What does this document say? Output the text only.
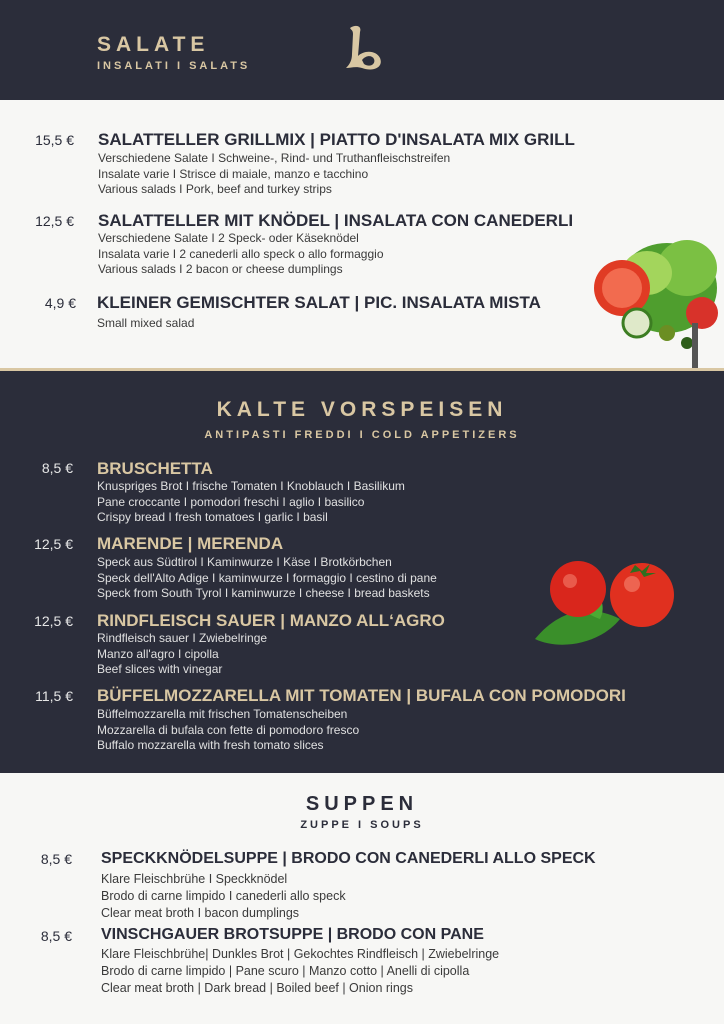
SALATE
INSALATI I SALATS
15,5 € SALATTELLER GRILLMIX | PIATTO D'INSALATA MIX GRILL
Verschiedene Salate I Schweine-, Rind- und Truthanfleischstreifen
Insalate varie I Strisce di maiale, manzo e tacchino
Various salads I Pork, beef and turkey strips
12,5 € SALATTELLER MIT KNÖDEL | INSALATA CON CANEDERLI
Verschiedene Salate I 2 Speck- oder Käseknödel
Insalata varie I 2 canederli allo speck o allo formaggio
Various salads I 2 bacon or cheese dumplings
4,9 € KLEINER GEMISCHTER SALAT | PIC. INSALATA MISTA
Small mixed salad
KALTE VORSPEISEN
ANTIPASTI FREDDI I COLD APPETIZERS
8,5 € BRUSCHETTA
Knuspriges Brot I frische Tomaten I Knoblauch I Basilikum
Pane croccante I pomodori freschi I aglio I basilico
Crispy bread I fresh tomatoes I garlic I basil
12,5 € MARENDE | MERENDA
Speck aus Südtirol I Kaminwurze I Käse I Brotkörbchen
Speck dell'Alto Adige I kaminwurze I formaggio I cestino di pane
Speck from South Tyrol I kaminwurze I cheese I bread baskets
12,5 € RINDFLEISCH SAUER | MANZO ALL‘AGRO
Rindfleisch sauer I Zwiebelringe
Manzo all'agro I cipolla
Beef slices with vinegar
11,5 € BÜFFELMOZZARELLA MIT TOMATEN | BUFALA CON POMODORI
Büffelmozzarella mit frischen Tomatenscheiben
Mozzarella di bufala con fette di pomodoro fresco
Buffalo mozzarella with fresh tomato slices
SUPPEN
ZUPPE I SOUPS
8,5 € SPECKKNÖDELSUPPE | BRODO CON CANEDERLI ALLO SPECK
Klare Fleischbrühe I Speckknödel
Brodo di carne limpido I canederli allo speck
Clear meat broth I bacon dumplings
8,5 € VINSCHGAUER BROTSUPPE | BRODO CON PANE
Klare Fleischbrühe| Dunkles Brot | Gekochtes Rindfleisch | Zwiebelringe
Brodo di carne limpido | Pane scuro | Manzo cotto | Anelli di cipolla
Clear meat broth | Dark bread | Boiled beef | Onion rings
